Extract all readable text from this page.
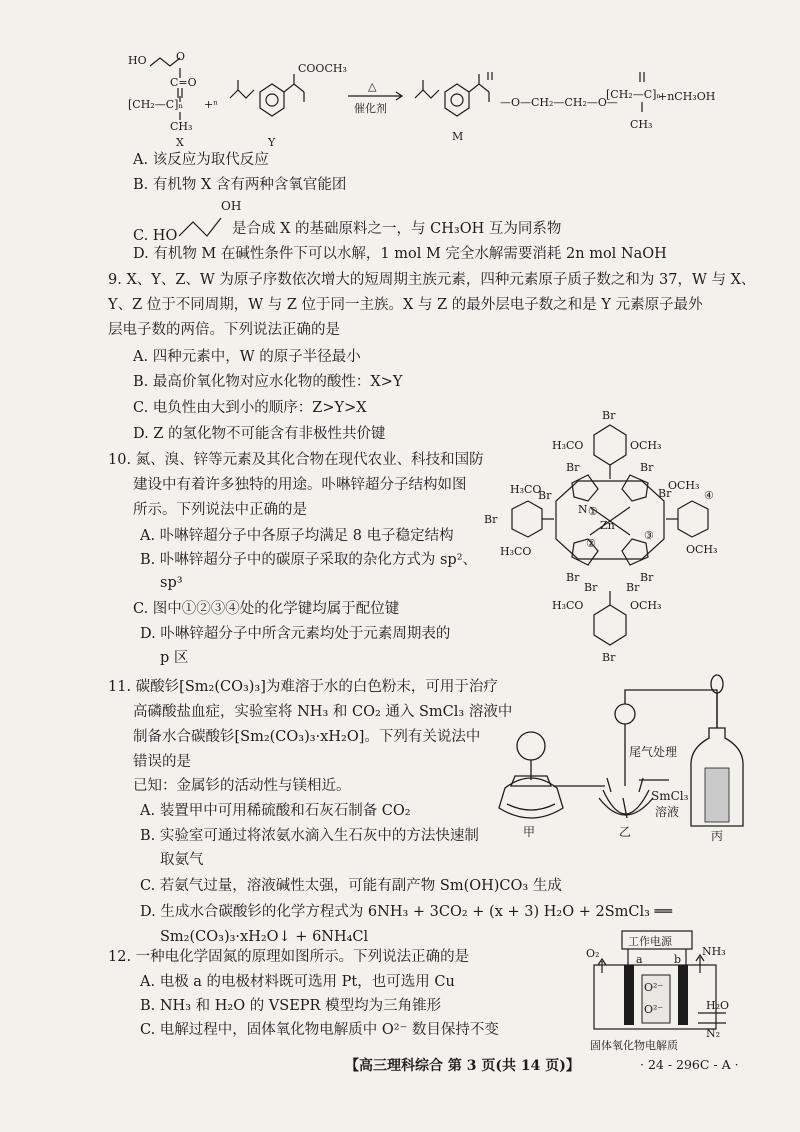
HO	O
C=O
[CH₂—C]ₙ
CH₃
X
+ⁿ
COOCH₃
Y
△
催化剂
M
—O—CH₂—CH₂—O—
[CH₂—C]ₙ
CH₃
+nCH₃OH
A. 该反应为取代反应
B. 有机物 X 含有两种含氧官能团
C. HO
OH
是合成 X 的基础原料之一，与 CH₃OH 互为同系物
D. 有机物 M 在碱性条件下可以水解，1 mol M 完全水解需要消耗 2n mol NaOH
9. X、Y、Z、W 为原子序数依次增大的短周期主族元素，四种元素原子质子数之和为 37，W 与 X、
Y、Z 位于不同周期，W 与 Z 位于同一主族。X 与 Z 的最外层电子数之和是 Y 元素原子最外
层电子数的两倍。下列说法正确的是
A. 四种元素中，W 的原子半径最小
B. 最高价氧化物对应水化物的酸性：X>Y
C. 电负性由大到小的顺序：Z>Y>X
D. Z 的氢化物不可能含有非极性共价键
10. 氮、溴、锌等元素及其化合物在现代农业、科技和国防
建设中有着许多独特的用途。卟啉锌超分子结构如图
所示。下列说法中正确的是
A. 卟啉锌超分子中各原子均满足 8 电子稳定结构
B. 卟啉锌超分子中的碳原子采取的杂化方式为 sp²、
sp³
C. 图中①②③④处的化学键均属于配位键
D. 卟啉锌超分子中所含元素均处于元素周期表的
p 区
Br
H₃CO	OCH₃
Br	Br
H₃CO	OCH₃
Br
Br	Br	④
N ①
Zn
②
③
H₃CO	OCH₃
Br	Br
Br	Br
H₃CO	OCH₃
Br
11. 碳酸钐[Sm₂(CO₃)₃]为难溶于水的白色粉末，可用于治疗
高磷酸盐血症，实验室将 NH₃ 和 CO₂ 通入 SmCl₃ 溶液中
制备水合碳酸钐[Sm₂(CO₃)₃·xH₂O]。下列有关说法中
错误的是
已知：金属钐的活动性与镁相近。
A. 装置甲中可用稀硫酸和石灰石制备 CO₂
B. 实验室可通过将浓氨水滴入生石灰中的方法快速制
取氨气
C. 若氨气过量，溶液碱性太强，可能有副产物 Sm(OH)CO₃ 生成
D. 生成水合碳酸钐的化学方程式为 6NH₃ + 3CO₂ + (x + 3) H₂O + 2SmCl₃ ══
Sm₂(CO₃)₃·xH₂O↓ + 6NH₄Cl
尾气处理
SmCl₃
溶液
甲	乙	丙
12. 一种电化学固氮的原理如图所示。下列说法正确的是
A. 电极 a 的电极材料既可选用 Pt，也可选用 Cu
B. NH₃ 和 H₂O 的 VSEPR 模型均为三角锥形
C. 电解过程中，固体氧化物电解质中 O²⁻ 数目保持不变
工作电源
O₂	NH₃
a	b
O²⁻
O²⁻	H₂O
N₂
固体氧化物电解质
【高三理科综合 第 3 页(共 14 页)】	· 24 - 296C - A ·
